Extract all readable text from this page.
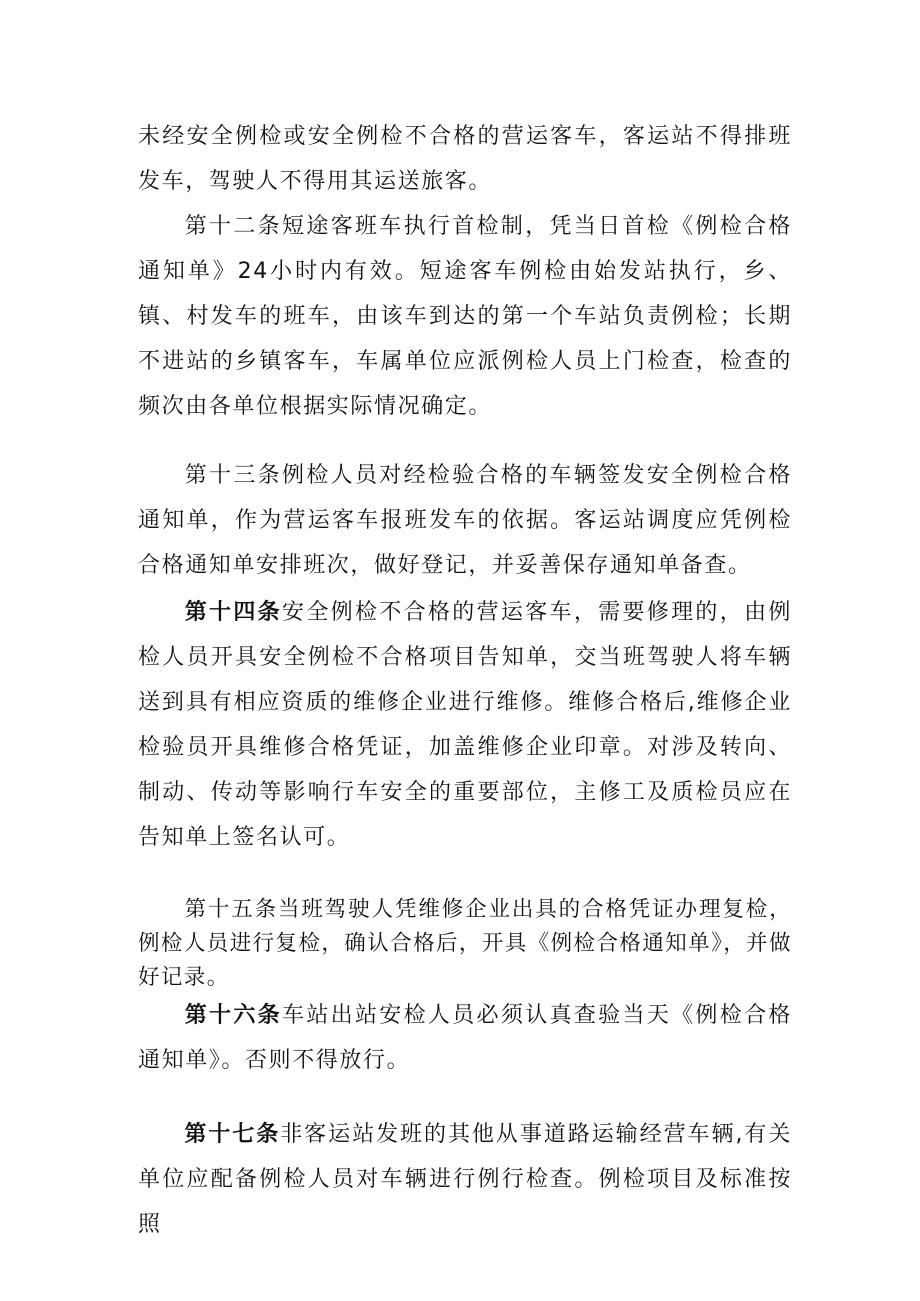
未经安全例检或安全例检不合格的营运客车，客运站不得排班发车，驾驶人不得用其运送旅客。

第十二条短途客班车执行首检制，凭当日首检《例检合格通知单》24小时内有效。短途客车例检由始发站执行，乡、镇、村发车的班车，由该车到达的第一个车站负责例检；长期不进站的乡镇客车，车属单位应派例检人员上门检查，检查的频次由各单位根据实际情况确定。

第十三条例检人员对经检验合格的车辆签发安全例检合格通知单，作为营运客车报班发车的依据。客运站调度应凭例检合格通知单安排班次，做好登记，并妥善保存通知单备查。

第十四条安全例检不合格的营运客车，需要修理的，由例检人员开具安全例检不合格项目告知单，交当班驾驶人将车辆送到具有相应资质的维修企业进行维修。维修合格后,维修企业检验员开具维修合格凭证，加盖维修企业印章。对涉及转向、制动、传动等影响行车安全的重要部位，主修工及质检员应在告知单上签名认可。

第十五条当班驾驶人凭维修企业出具的合格凭证办理复检，例检人员进行复检，确认合格后，开具《例检合格通知单》，并做好记录。

第十六条车站出站安检人员必须认真查验当天《例检合格通知单》。否则不得放行。

第十七条非客运站发班的其他从事道路运输经营车辆,有关单位应配备例检人员对车辆进行例行检查。例检项目及标准按照
